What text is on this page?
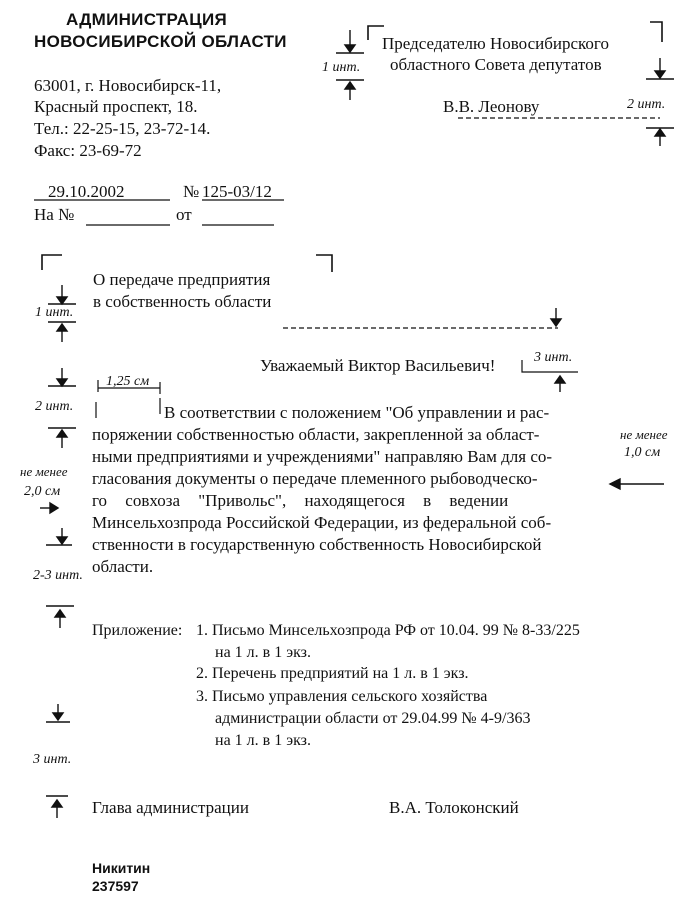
АДМИНИСТРАЦИЯ
НОВОСИБИРСКОЙ ОБЛАСТИ
63001, г. Новосибирск-11,
Красный проспект, 18.
Тел.: 22-25-15, 23-72-14.
Факс: 23-69-72
Председателю Новосибирского
областного Совета депутатов
В.В. Леонову
29.10.2002	№ 125-03/12
На №	от
О передаче предприятия
в собственность области
Уважаемый Виктор Васильевич!
В соответствии с положением "Об управлении и рас-
поряжении собственностью области, закрепленной за област-
ными предприятиями и учреждениями" направляю Вам для со-
гласования документы о передаче племенного рыбоводческо-
го совхоза "Привольс", находящегося в ведении
Минсельхозпрода Российской Федерации, из федеральной соб-
ственности в государственную собственность Новосибирской
области.
Приложение: 1. Письмо Минсельхозпрода РФ от 10.04. 99 № 8-33/225
на 1 л. в 1 экз.
2. Перечень предприятий на 1 л. в 1 экз.
3. Письмо управления сельского хозяйства
администрации области от 29.04.99 № 4-9/363
на 1 л. в 1 экз.
Глава администрации	В.А. Толоконский
Никитин
237597
1 инт.
2 инт.
1 инт.
3 инт.
1,25 см
2 инт.
не менее
1,0 см
не менее
2,0 см
2-3 инт.
3 инт.
